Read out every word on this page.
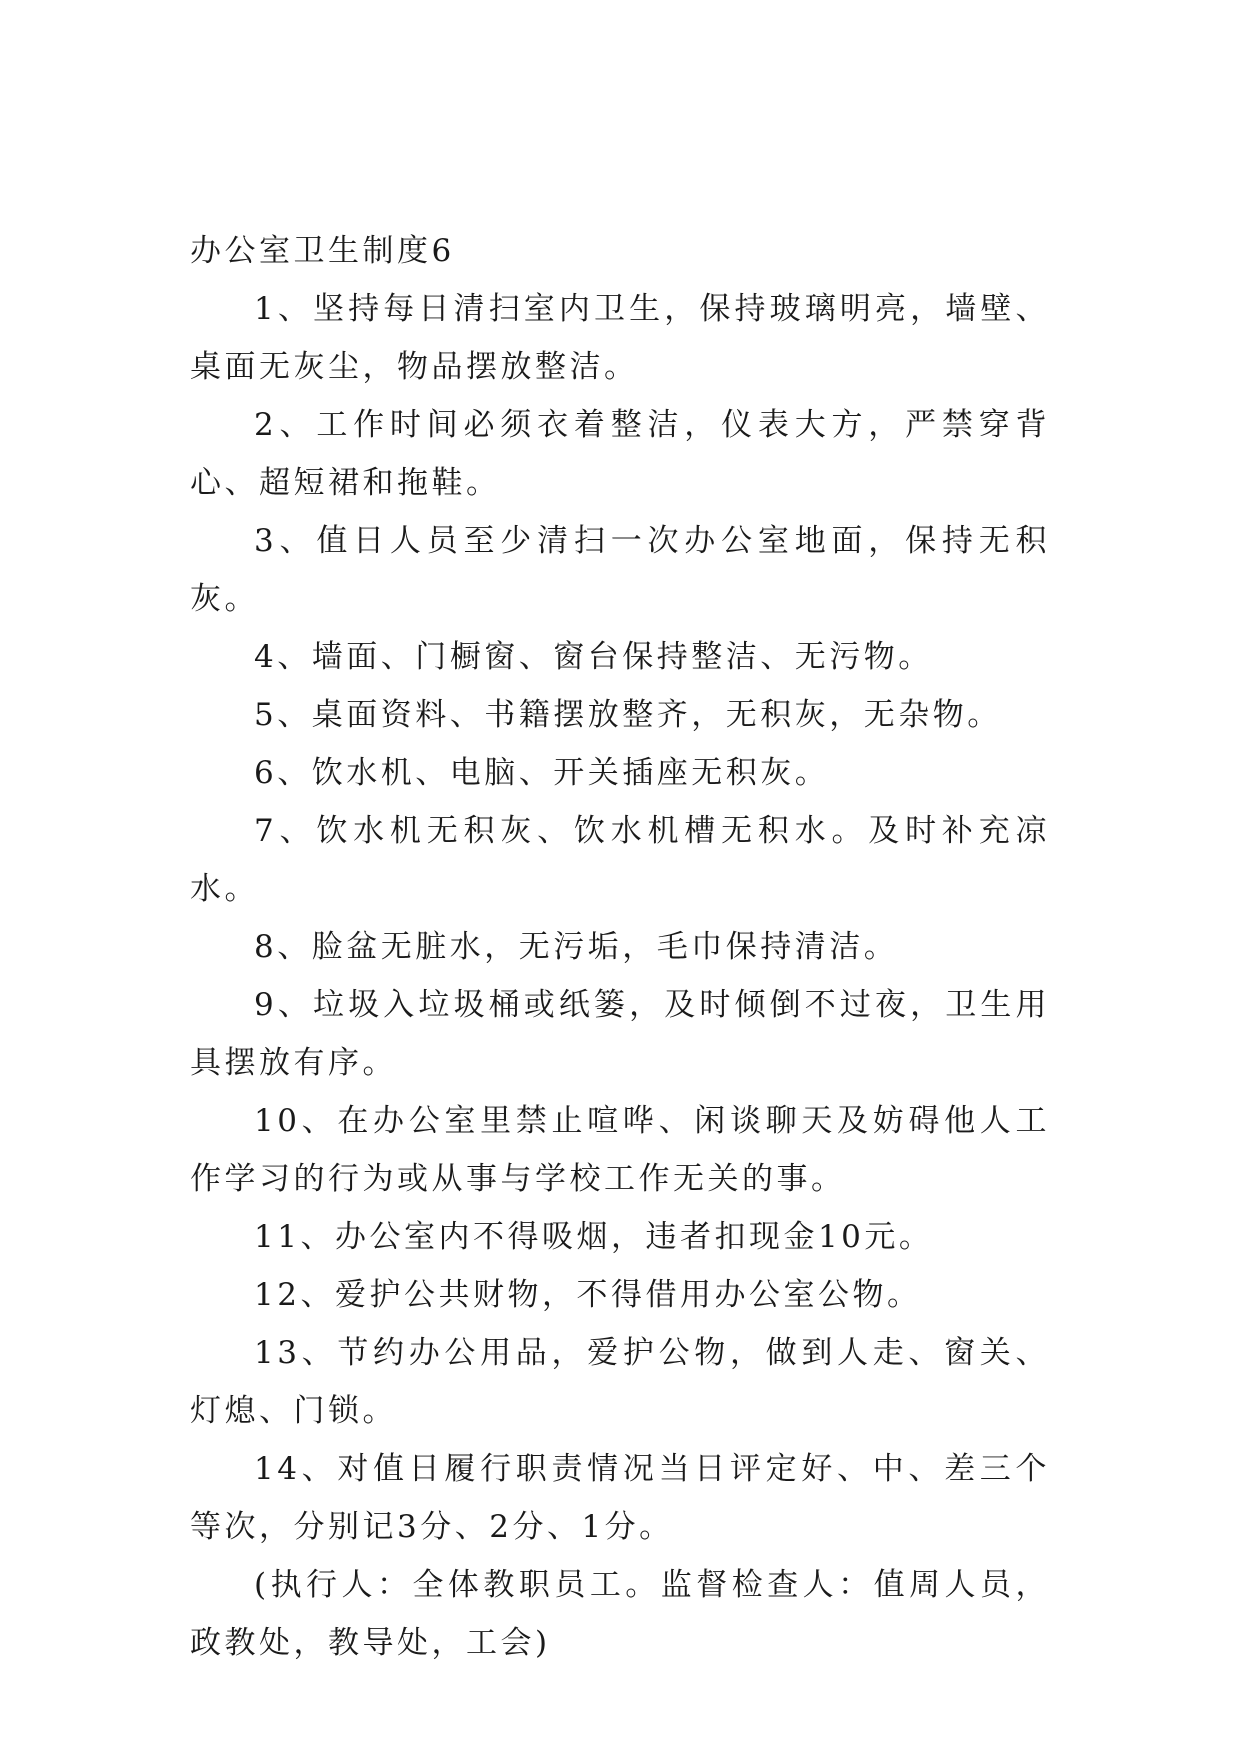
办公室卫生制度6

1、坚持每日清扫室内卫生，保持玻璃明亮，墙壁、桌面无灰尘，物品摆放整洁。

2、工作时间必须衣着整洁，仪表大方，严禁穿背心、超短裙和拖鞋。

3、值日人员至少清扫一次办公室地面，保持无积灰。

4、墙面、门橱窗、窗台保持整洁、无污物。

5、桌面资料、书籍摆放整齐，无积灰，无杂物。

6、饮水机、电脑、开关插座无积灰。

7、饮水机无积灰、饮水机槽无积水。及时补充凉水。

8、脸盆无脏水，无污垢，毛巾保持清洁。

9、垃圾入垃圾桶或纸篓，及时倾倒不过夜，卫生用具摆放有序。

10、在办公室里禁止喧哗、闲谈聊天及妨碍他人工作学习的行为或从事与学校工作无关的事。

11、办公室内不得吸烟，违者扣现金10元。

12、爱护公共财物，不得借用办公室公物。

13、节约办公用品，爱护公物，做到人走、窗关、灯熄、门锁。

14、对值日履行职责情况当日评定好、中、差三个等次，分别记3分、2分、1分。

(执行人：全体教职员工。监督检查人：值周人员，政教处，教导处，工会)
